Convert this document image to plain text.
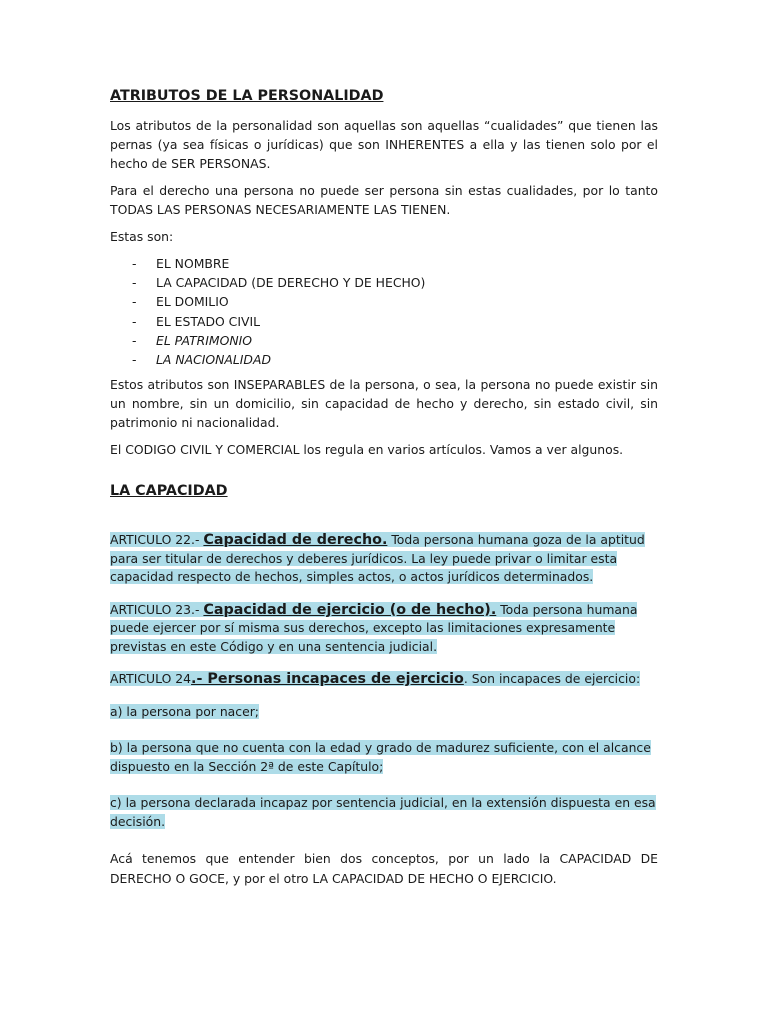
ATRIBUTOS DE LA PERSONALIDAD

Los atributos de la personalidad son aquellas son aquellas “cualidades” que tienen las pernas (ya sea físicas o jurídicas) que son INHERENTES a ella y las tienen solo por el hecho de SER PERSONAS.

Para el derecho una persona no puede ser persona sin estas cualidades, por lo tanto TODAS LAS PERSONAS NECESARIAMENTE LAS TIENEN.

Estas son:

- EL NOMBRE
- LA CAPACIDAD (DE DERECHO Y DE HECHO)
- EL DOMILIO
- EL ESTADO CIVIL
- EL PATRIMONIO
- LA NACIONALIDAD

Estos atributos son INSEPARABLES de la persona, o sea, la persona no puede existir sin un nombre, sin un domicilio, sin capacidad de hecho y derecho, sin estado civil, sin patrimonio ni nacionalidad.

El CODIGO CIVIL Y COMERCIAL los regula en varios artículos. Vamos a ver algunos.

LA CAPACIDAD

ARTICULO 22.- Capacidad de derecho. Toda persona humana goza de la aptitud para ser titular de derechos y deberes jurídicos. La ley puede privar o limitar esta capacidad respecto de hechos, simples actos, o actos jurídicos determinados.

ARTICULO 23.- Capacidad de ejercicio (o de hecho). Toda persona humana puede ejercer por sí misma sus derechos, excepto las limitaciones expresamente previstas en este Código y en una sentencia judicial.

ARTICULO 24.- Personas incapaces de ejercicio. Son incapaces de ejercicio:

a) la persona por nacer;

b) la persona que no cuenta con la edad y grado de madurez suficiente, con el alcance dispuesto en la Sección 2ª de este Capítulo;

c) la persona declarada incapaz por sentencia judicial, en la extensión dispuesta en esa decisión.

Acá tenemos que entender bien dos conceptos, por un lado la CAPACIDAD DE DERECHO O GOCE, y por el otro LA CAPACIDAD DE HECHO O EJERCICIO.
